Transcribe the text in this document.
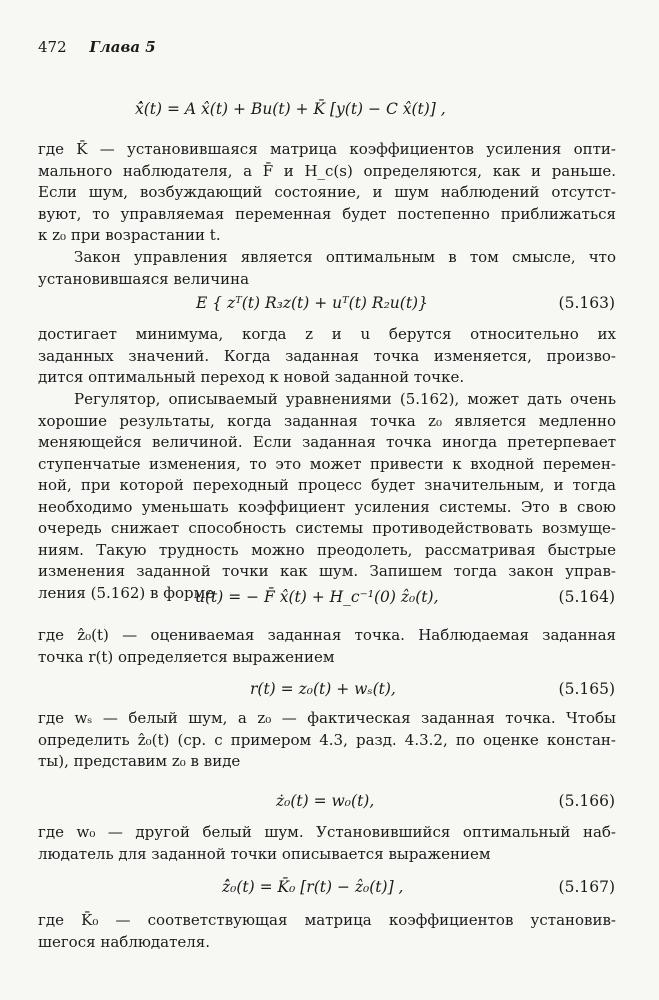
472 Глава 5
x̂̇(t) = A x̂(t) + Bu(t) + K̄ [y(t) − C x̂(t)] ,
где K̄ — установившаяся матрица коэффициентов усиления опти-
мального наблюдателя, а F̄ и H_c(s) определяются, как и раньше.
Если шум, возбуждающий состояние, и шум наблюдений отсутст-
вуют, то управляемая переменная будет постепенно приближаться
к z₀ при возрастании t.
Закон управления является оптимальным в том смысле, что
установившаяся величина
E { zᵀ(t) R₃z(t) + uᵀ(t) R₂u(t)}	(5.163)
достигает минимума, когда z и u берутся относительно их
заданных значений. Когда заданная точка изменяется, произво-
дится оптимальный переход к новой заданной точке.
Регулятор, описываемый уравнениями (5.162), может дать очень
хорошие результаты, когда заданная точка z₀ является медленно
меняющейся величиной. Если заданная точка иногда претерпевает
ступенчатые изменения, то это может привести к входной перемен-
ной, при которой переходный процесс будет значительным, и тогда
необходимо уменьшать коэффициент усиления системы. Это в свою
очередь снижает способность системы противодействовать возмуще-
ниям. Такую трудность можно преодолеть, рассматривая быстрые
изменения заданной точки как шум. Запишем тогда закон управ-
ления (5.162) в форме
u(t) = − F̄ x̂(t) + H_c⁻¹(0) ẑ₀(t),	(5.164)
где ẑ₀(t) — оцениваемая заданная точка. Наблюдаемая заданная
точка r(t) определяется выражением
r(t) = z₀(t) + wₛ(t),	(5.165)
где wₛ — белый шум, а z₀ — фактическая заданная точка. Чтобы
определить ẑ₀(t) (ср. с примером 4.3, разд. 4.3.2, по оценке констан-
ты), представим z₀ в виде
ż₀(t) = w₀(t),	(5.166)
где w₀ — другой белый шум. Установившийся оптимальный наб-
людатель для заданной точки описывается выражением
ẑ̇₀(t) = K̄₀ [r(t) − ẑ₀(t)] ,	(5.167)
где K̄₀ — соответствующая матрица коэффициентов установив-
шегося наблюдателя.
